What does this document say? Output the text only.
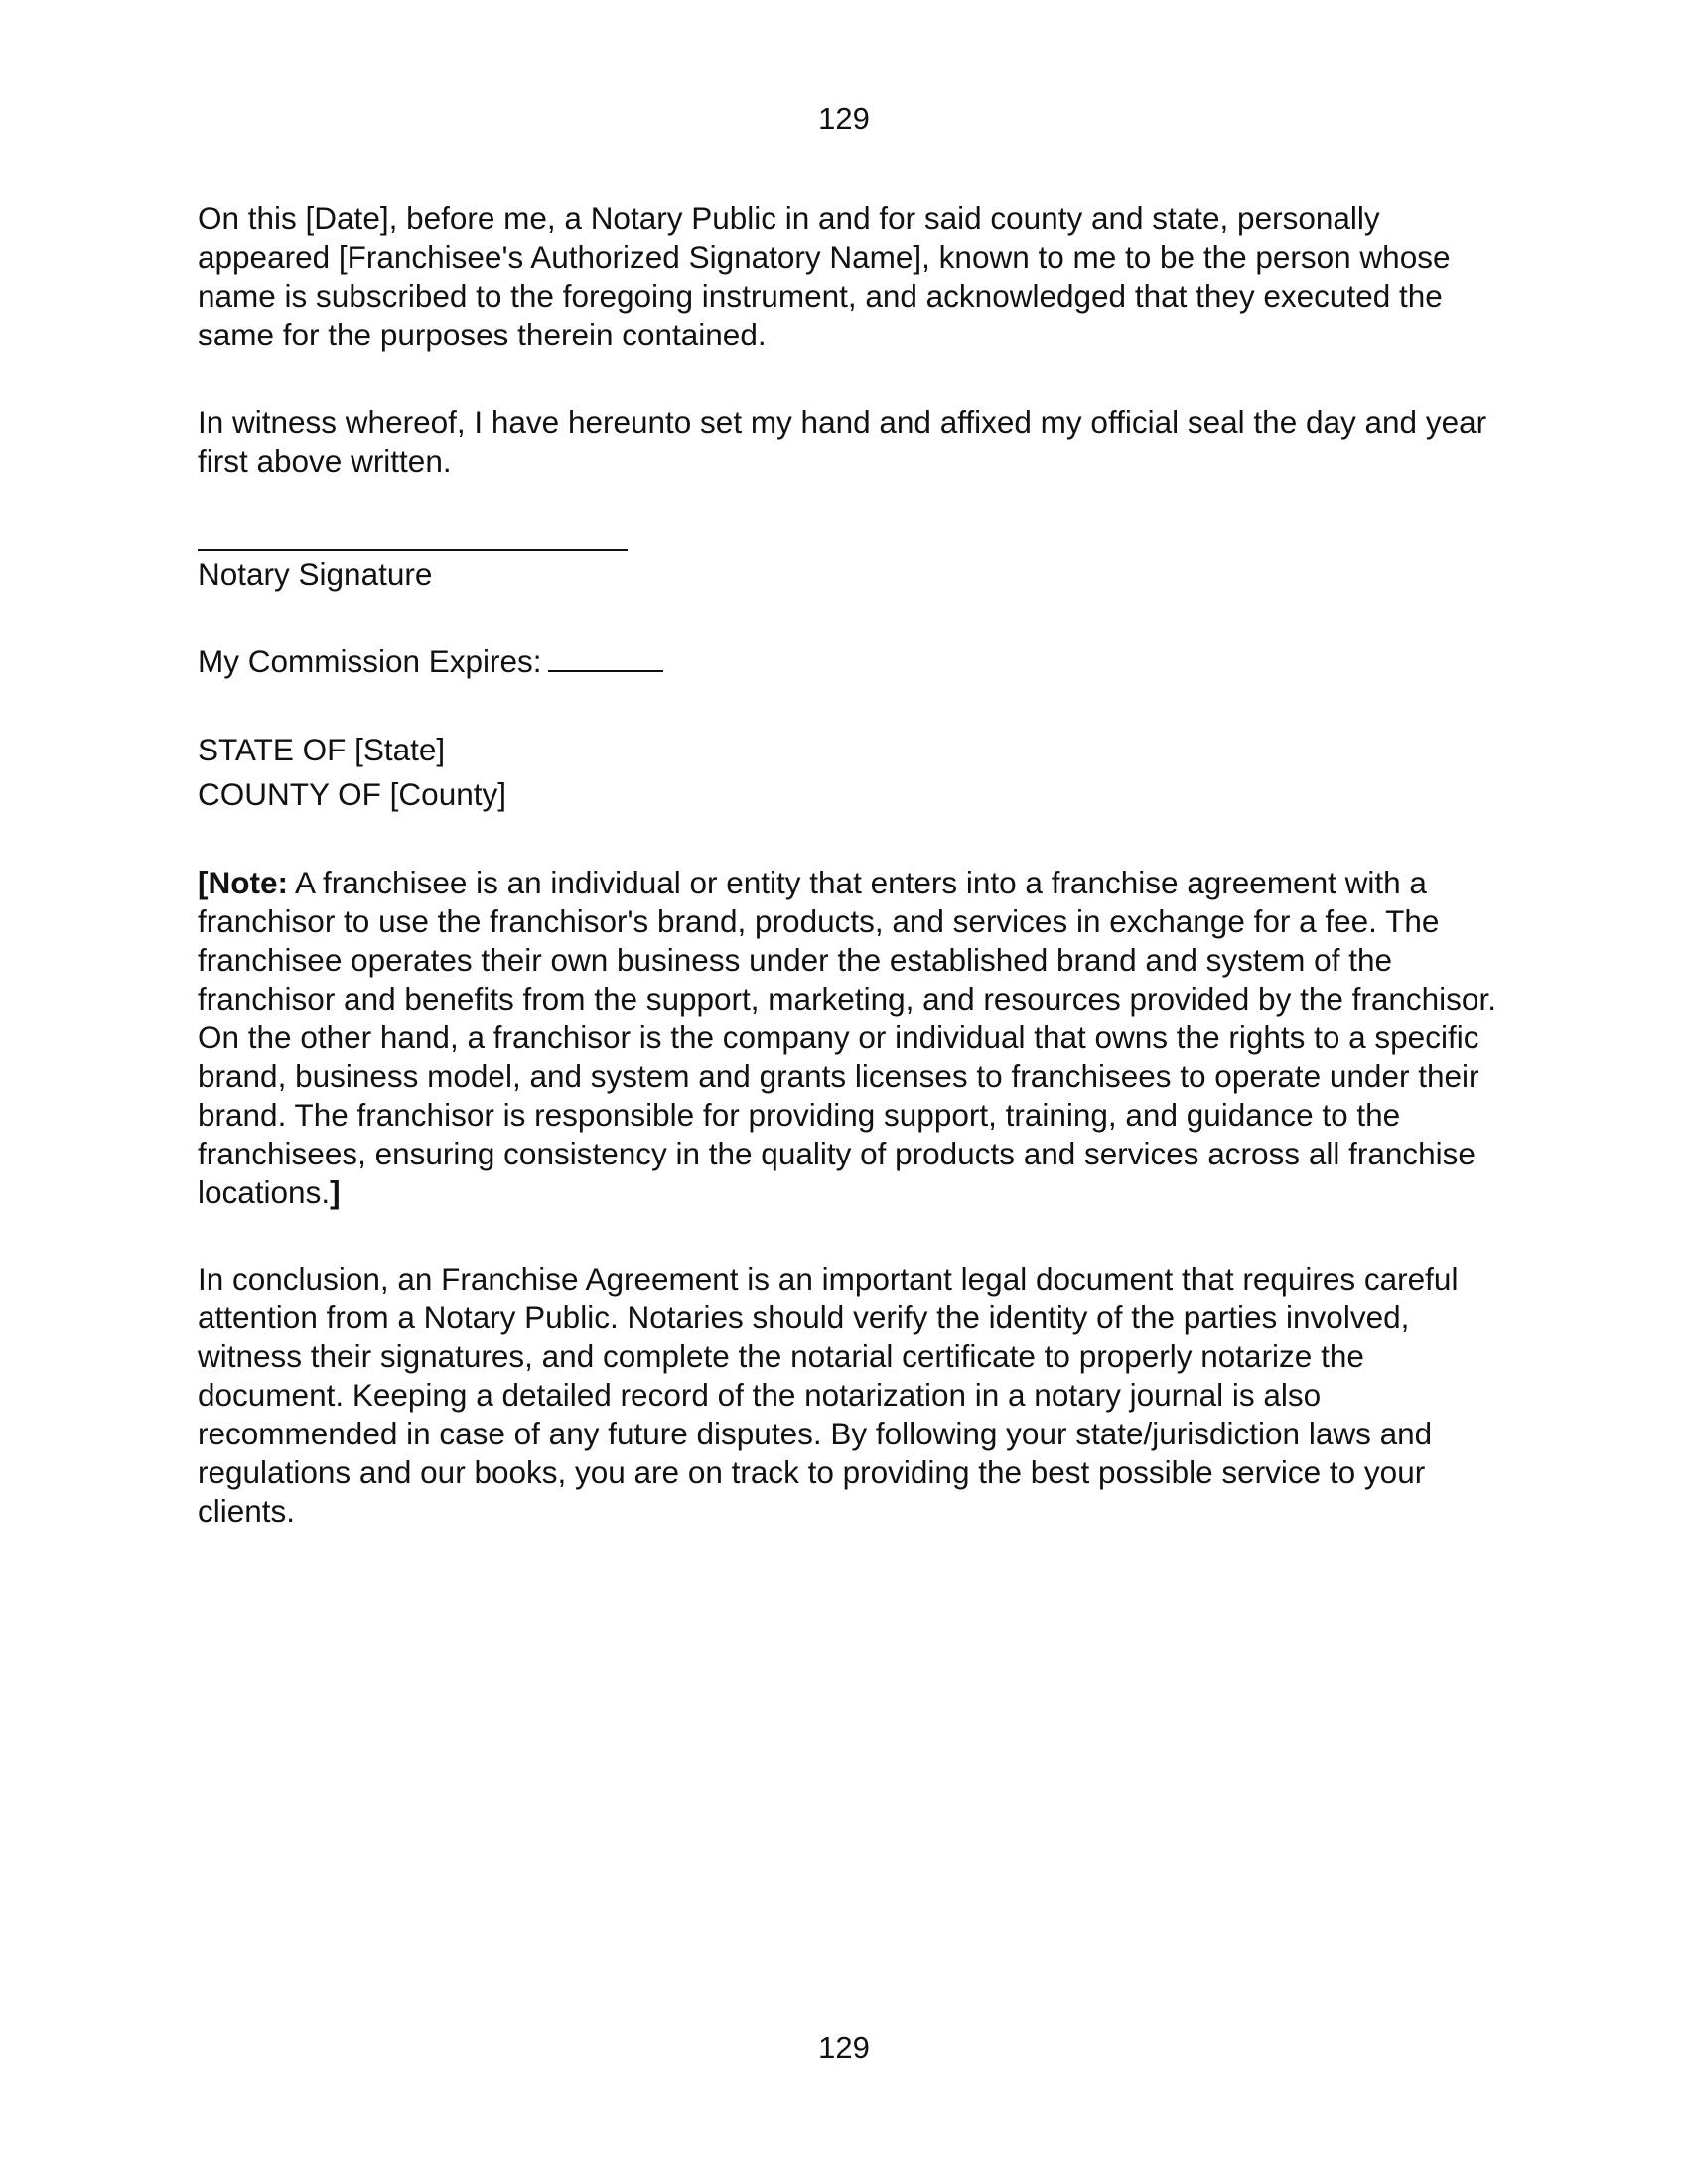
129

On this [Date], before me, a Notary Public in and for said county and state, personally appeared [Franchisee's Authorized Signatory Name], known to me to be the person whose name is subscribed to the foregoing instrument, and acknowledged that they executed the same for the purposes therein contained.

In witness whereof, I have hereunto set my hand and affixed my official seal the day and year first above written.

Notary Signature

My Commission Expires:

STATE OF [State]
COUNTY OF [County]

[Note: A franchisee is an individual or entity that enters into a franchise agreement with a franchisor to use the franchisor's brand, products, and services in exchange for a fee. The franchisee operates their own business under the established brand and system of the franchisor and benefits from the support, marketing, and resources provided by the franchisor. On the other hand, a franchisor is the company or individual that owns the rights to a specific brand, business model, and system and grants licenses to franchisees to operate under their brand. The franchisor is responsible for providing support, training, and guidance to the franchisees, ensuring consistency in the quality of products and services across all franchise locations.]

In conclusion, an Franchise Agreement is an important legal document that requires careful attention from a Notary Public. Notaries should verify the identity of the parties involved, witness their signatures, and complete the notarial certificate to properly notarize the document. Keeping a detailed record of the notarization in a notary journal is also recommended in case of any future disputes. By following your state/jurisdiction laws and regulations and our books, you are on track to providing the best possible service to your clients.

129
